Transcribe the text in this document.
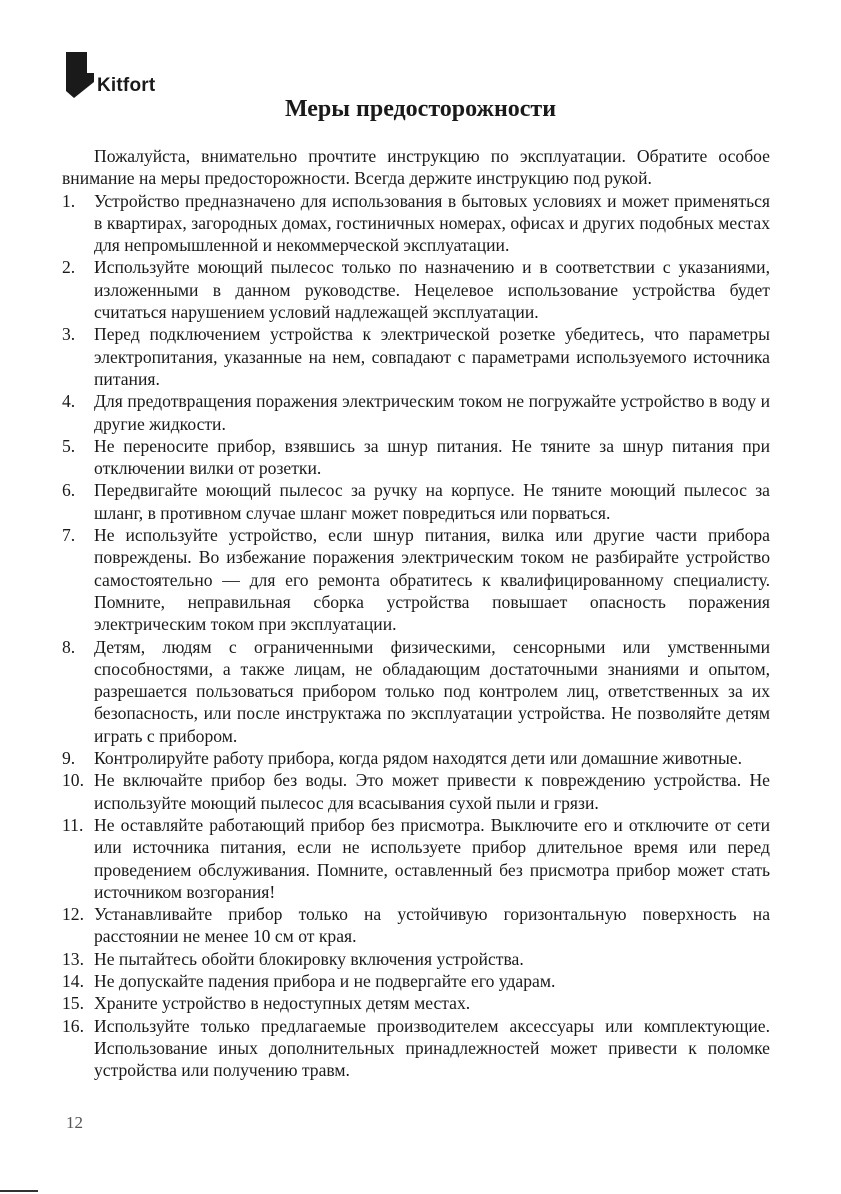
Kitfort
Меры предосторожности

Пожалуйста, внимательно прочтите инструкцию по эксплуатации. Обратите особое внимание на меры предосторожности. Всегда держите инструкцию под рукой.

1. Устройство предназначено для использования в бытовых условиях и может применяться в квартирах, загородных домах, гостиничных номерах, офисах и других подобных местах для непромышленной и некоммерческой эксплуатации.
2. Используйте моющий пылесос только по назначению и в соответствии с указаниями, изложенными в данном руководстве. Нецелевое использование устройства будет считаться нарушением условий надлежащей эксплуатации.
3. Перед подключением устройства к электрической розетке убедитесь, что параметры электропитания, указанные на нем, совпадают с параметрами используемого источника питания.
4. Для предотвращения поражения электрическим током не погружайте устройство в воду и другие жидкости.
5. Не переносите прибор, взявшись за шнур питания. Не тяните за шнур питания при отключении вилки от розетки.
6. Передвигайте моющий пылесос за ручку на корпусе. Не тяните моющий пылесос за шланг, в противном случае шланг может повредиться или порваться.
7. Не используйте устройство, если шнур питания, вилка или другие части прибора повреждены. Во избежание поражения электрическим током не разбирайте устройство самостоятельно — для его ремонта обратитесь к квалифицированному специалисту. Помните, неправильная сборка устройства повышает опасность поражения электрическим током при эксплуатации.
8. Детям, людям с ограниченными физическими, сенсорными или умственными способностями, а также лицам, не обладающим достаточными знаниями и опытом, разрешается пользоваться прибором только под контролем лиц, ответственных за их безопасность, или после инструктажа по эксплуатации устройства. Не позволяйте детям играть с прибором.
9. Контролируйте работу прибора, когда рядом находятся дети или домашние животные.
10. Не включайте прибор без воды. Это может привести к повреждению устройства. Не используйте моющий пылесос для всасывания сухой пыли и грязи.
11. Не оставляйте работающий прибор без присмотра. Выключите его и отключите от сети или источника питания, если не используете прибор длительное время или перед проведением обслуживания. Помните, оставленный без присмотра прибор может стать источником возгорания!
12. Устанавливайте прибор только на устойчивую горизонтальную поверхность на расстоянии не менее 10 см от края.
13. Не пытайтесь обойти блокировку включения устройства.
14. Не допускайте падения прибора и не подвергайте его ударам.
15. Храните устройство в недоступных детям местах.
16. Используйте только предлагаемые производителем аксессуары или комплектующие. Использование иных дополнительных принадлежностей может привести к поломке устройства или получению травм.
12
